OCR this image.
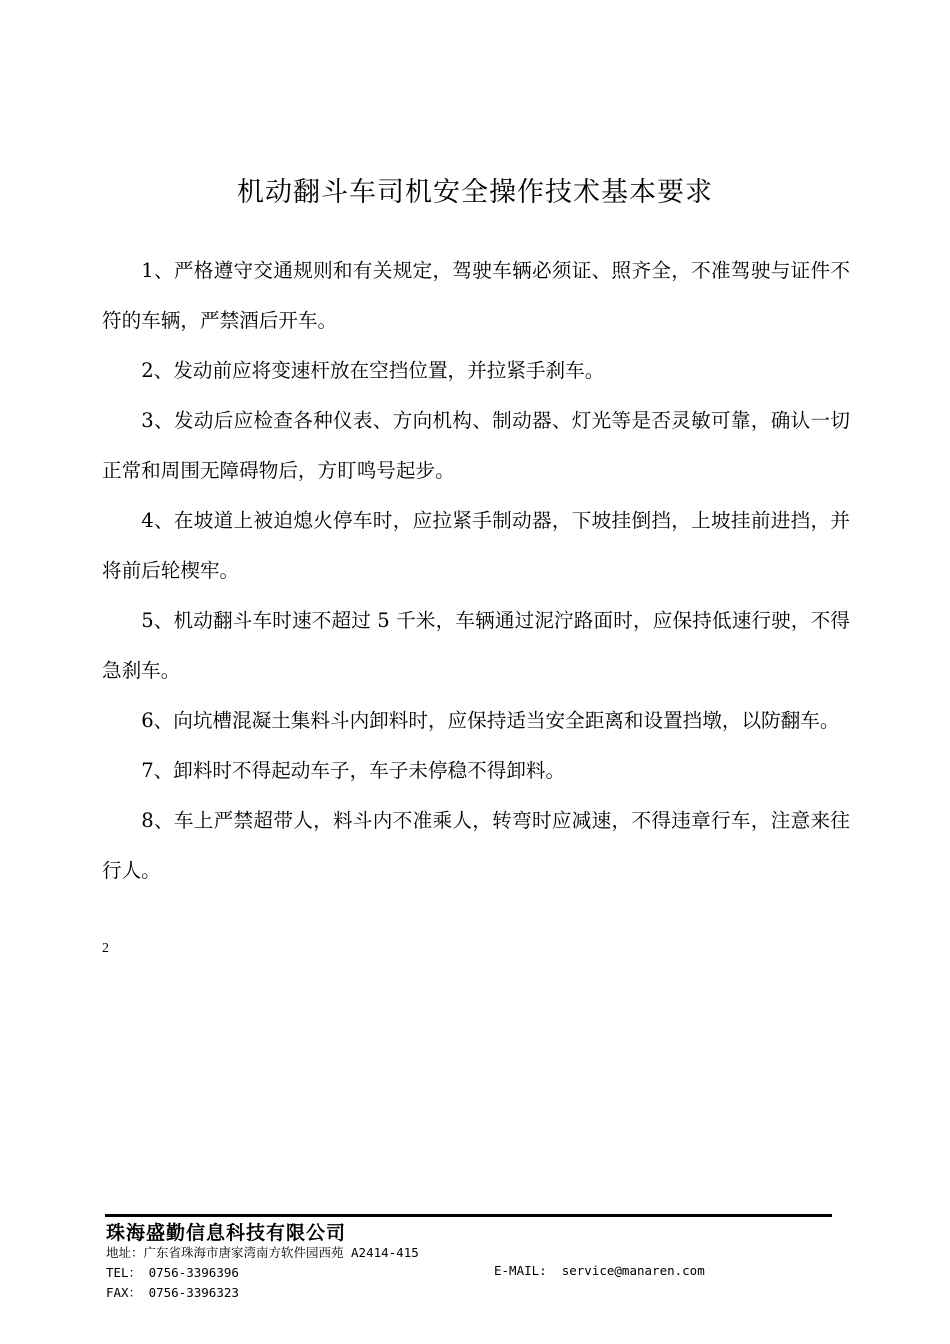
机动翻斗车司机安全操作技术基本要求

1、严格遵守交通规则和有关规定，驾驶车辆必须证、照齐全，不准驾驶与证件不符的车辆，严禁酒后开车。

2、发动前应将变速杆放在空挡位置，并拉紧手刹车。

3、发动后应检查各种仪表、方向机构、制动器、灯光等是否灵敏可靠，确认一切正常和周围无障碍物后，方盯鸣号起步。

4、在坡道上被迫熄火停车时，应拉紧手制动器，下坡挂倒挡，上坡挂前进挡，并将前后轮楔牢。

5、机动翻斗车时速不超过 5 千米，车辆通过泥泞路面时，应保持低速行驶，不得急刹车。

6、向坑槽混凝土集料斗内卸料时，应保持适当安全距离和设置挡墩，以防翻车。

7、卸料时不得起动车子，车子未停稳不得卸料。

8、车上严禁超带人，料斗内不准乘人，转弯时应减速，不得违章行车，注意来往行人。

2
珠海盛勤信息科技有限公司
地址：广东省珠海市唐家湾南方软件园西苑 A2414-415
TEL： 0756-3396396	E-MAIL:  service@manaren.com
FAX： 0756-3396323
